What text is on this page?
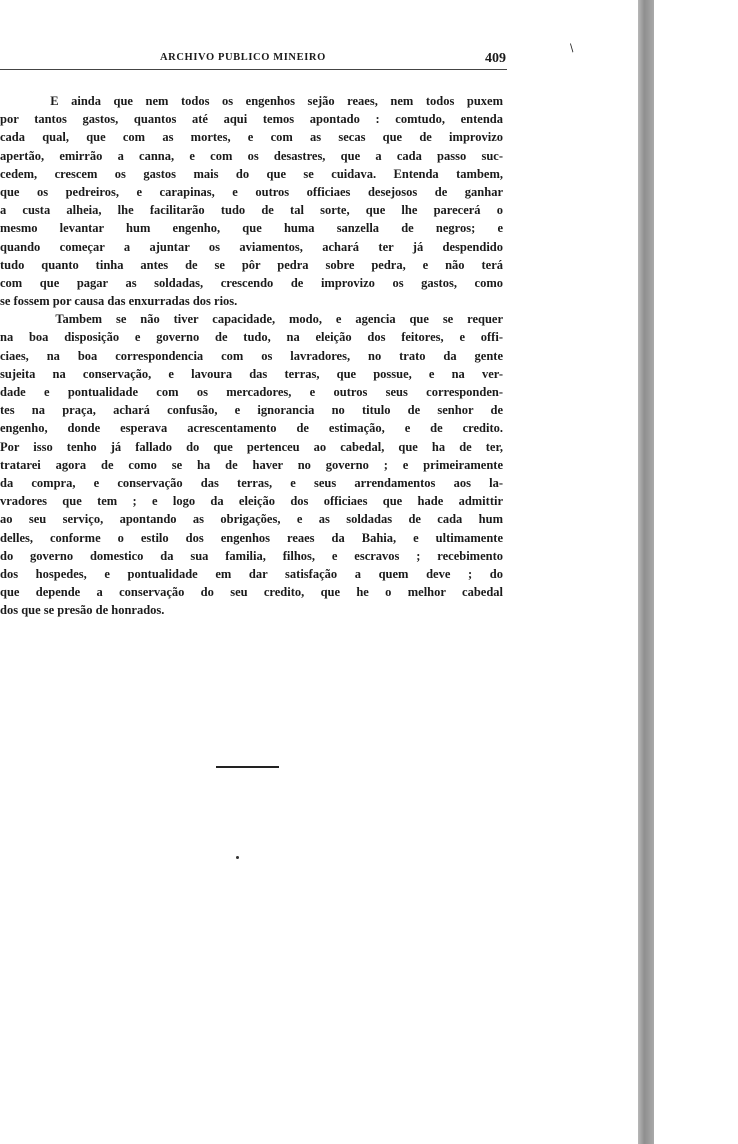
ARCHIVO PUBLICO MINEIRO	409
/
E ainda que nem todos os engenhos sejão reaes, nem todos puxem
por tantos gastos, quantos até aqui temos apontado : comtudo, entenda
cada qual, que com as mortes, e com as secas que de improvizo
apertão, emirrão a canna, e com os desastres, que a cada passo suc-
cedem, crescem os gastos mais do que se cuidava. Entenda tambem,
que os pedreiros, e carapinas, e outros officiaes desejosos de ganhar
a custa alheia, lhe facilitarão tudo de tal sorte, que lhe parecerá o
mesmo levantar hum engenho, que huma sanzella de negros; e
quando começar a ajuntar os aviamentos, achará ter já despendido
tudo quanto tinha antes de se pôr pedra sobre pedra, e não terá
com que pagar as soldadas, crescendo de improvizo os gastos, como
se fossem por causa das enxurradas dos rios.
Tambem se não tiver capacidade, modo, e agencia que se requer
na boa disposição e governo de tudo, na eleição dos feitores, e offi-
ciaes, na boa correspondencia com os lavradores, no trato da gente
sujeita na conservação, e lavoura das terras, que possue, e na ver-
dade e pontualidade com os mercadores, e outros seus corresponden-
tes na praça, achará confusão, e ignorancia no titulo de senhor de
engenho, donde esperava acrescentamento de estimação, e de credito.
Por isso tenho já fallado do que pertenceu ao cabedal, que ha de ter,
tratarei agora de como se ha de haver no governo ; e primeiramente
da compra, e conservação das terras, e seus arrendamentos aos la-
vradores que tem ; e logo da eleição dos officiaes que hade admittir
ao seu serviço, apontando as obrigações, e as soldadas de cada hum
delles, conforme o estilo dos engenhos reaes da Bahia, e ultimamente
do governo domestico da sua familia, filhos, e escravos ; recebimento
dos hospedes, e pontualidade em dar satisfação a quem deve ; do
que depende a conservação do seu credito, que he o melhor cabedal
dos que se presão de honrados.
